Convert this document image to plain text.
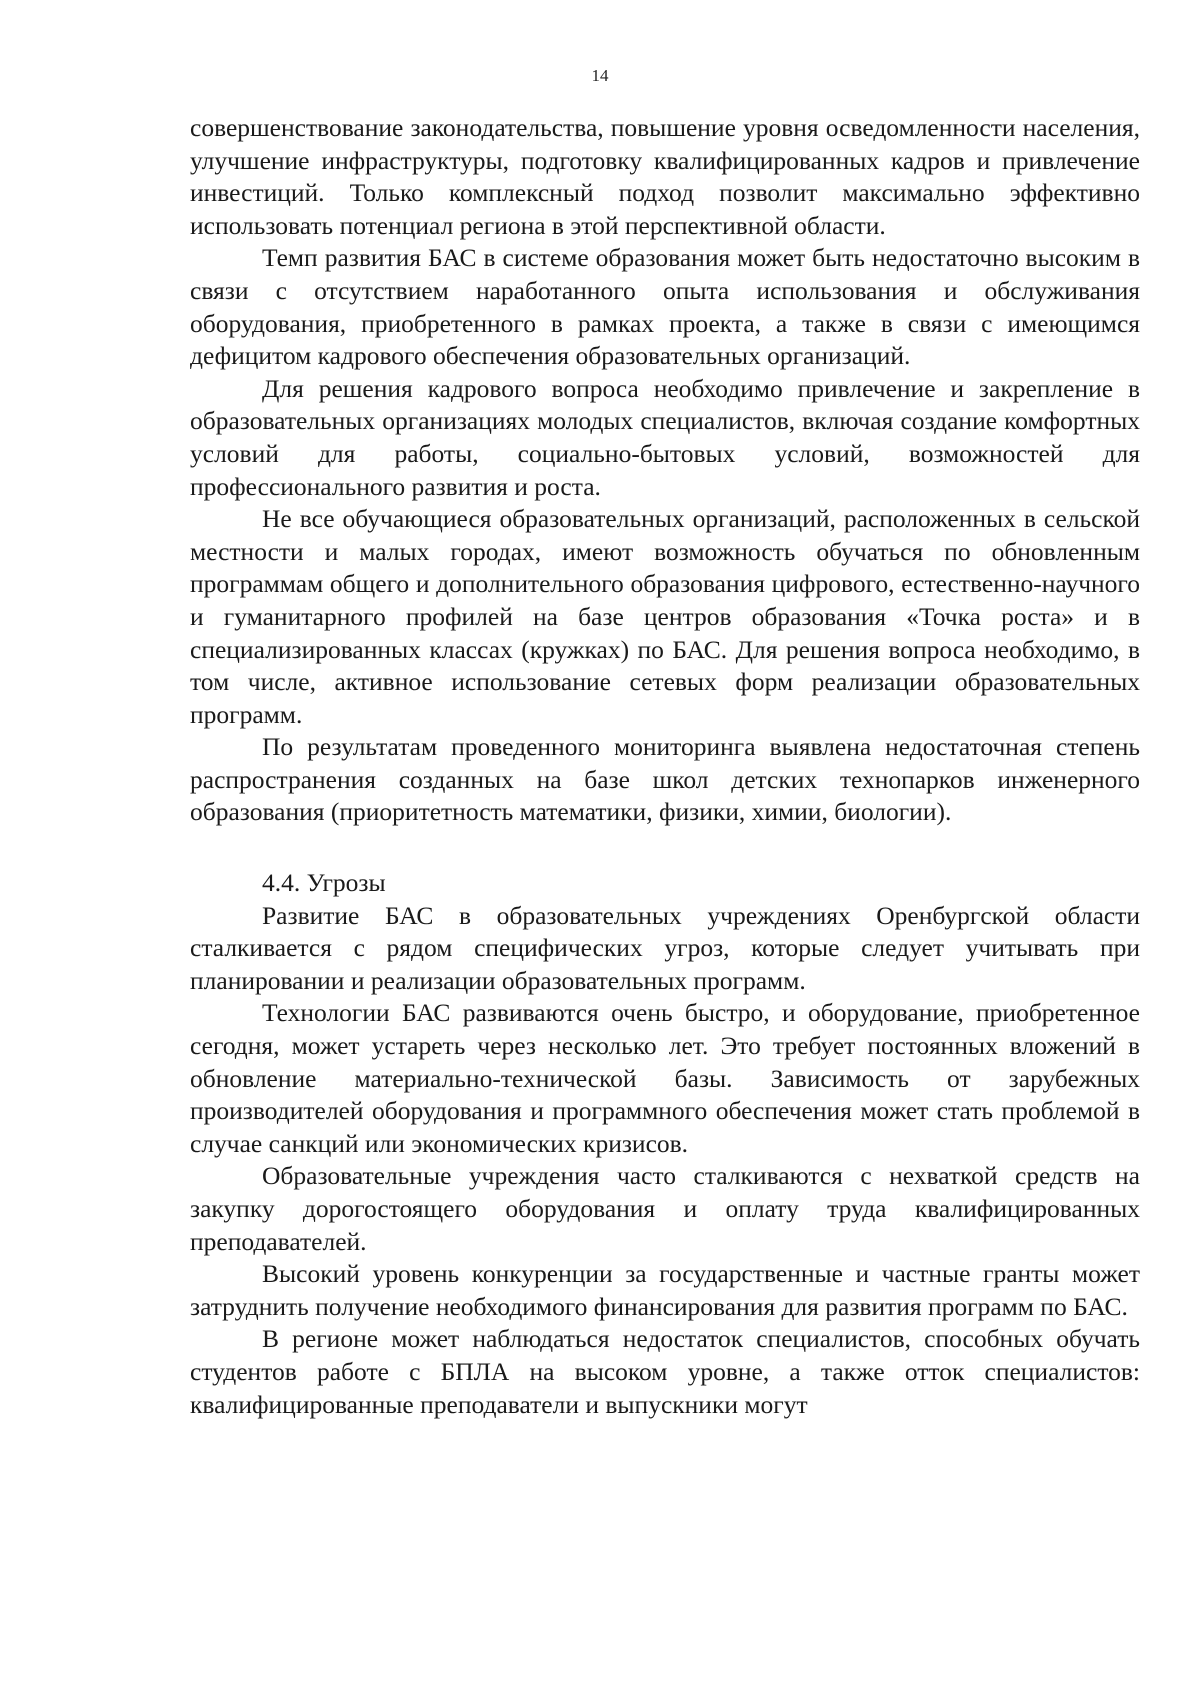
14

совершенствование законодательства, повышение уровня осведомленности населения, улучшение инфраструктуры, подготовку квалифицированных кадров и привлечение инвестиций. Только комплексный подход позволит максимально эффективно использовать потенциал региона в этой перспективной области.

Темп развития БАС в системе образования может быть недостаточно высоким в связи с отсутствием наработанного опыта использования и обслуживания оборудования, приобретенного в рамках проекта, а также в связи с имеющимся дефицитом кадрового обеспечения образовательных организаций.

Для решения кадрового вопроса необходимо привлечение и закрепление в образовательных организациях молодых специалистов, включая создание комфортных условий для работы, социально-бытовых условий, возможностей для профессионального развития и роста.

Не все обучающиеся образовательных организаций, расположенных в сельской местности и малых городах, имеют возможность обучаться по обновленным программам общего и дополнительного образования цифрового, естественно-научного и гуманитарного профилей на базе центров образования «Точка роста» и в специализированных классах (кружках) по БАС. Для решения вопроса необходимо, в том числе, активное использование сетевых форм реализации образовательных программ.

По результатам проведенного мониторинга выявлена недостаточная степень распространения созданных на базе школ детских технопарков инженерного образования (приоритетность математики, физики, химии, биологии).

4.4. Угрозы

Развитие БАС в образовательных учреждениях Оренбургской области сталкивается с рядом специфических угроз, которые следует учитывать при планировании и реализации образовательных программ.

Технологии БАС развиваются очень быстро, и оборудование, приобретенное сегодня, может устареть через несколько лет. Это требует постоянных вложений в обновление материально-технической базы. Зависимость от зарубежных производителей оборудования и программного обеспечения может стать проблемой в случае санкций или экономических кризисов.

Образовательные учреждения часто сталкиваются с нехваткой средств на закупку дорогостоящего оборудования и оплату труда квалифицированных преподавателей.

Высокий уровень конкуренции за государственные и частные гранты может затруднить получение необходимого финансирования для развития программ по БАС.

В регионе может наблюдаться недостаток специалистов, способных обучать студентов работе с БПЛА на высоком уровне, а также отток специалистов: квалифицированные преподаватели и выпускники могут
